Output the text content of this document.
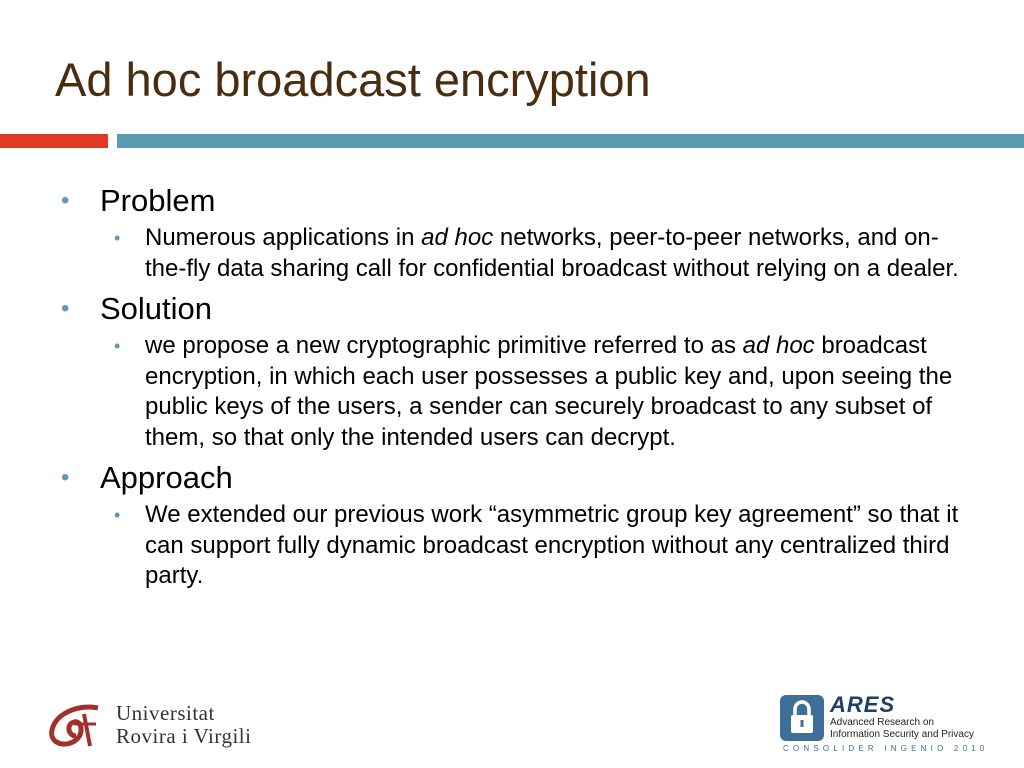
Ad hoc broadcast encryption
• Problem
• Numerous applications in ad hoc networks, peer-to-peer networks, and on-the-fly data sharing call for confidential broadcast without relying on a dealer.
• Solution
• we propose a new cryptographic primitive referred to as ad hoc broadcast encryption, in which each user possesses a public key and, upon seeing the public keys of the users, a sender can securely broadcast to any subset of them, so that only the intended users can decrypt.
• Approach
• We extended our previous work “asymmetric group key agreement” so that it can support fully dynamic broadcast encryption without any centralized third party.
Universitat
Rovira i Virgili
ARES
Advanced Research on Information Security and Privacy
CONSOLIDER INGENIO 2010
